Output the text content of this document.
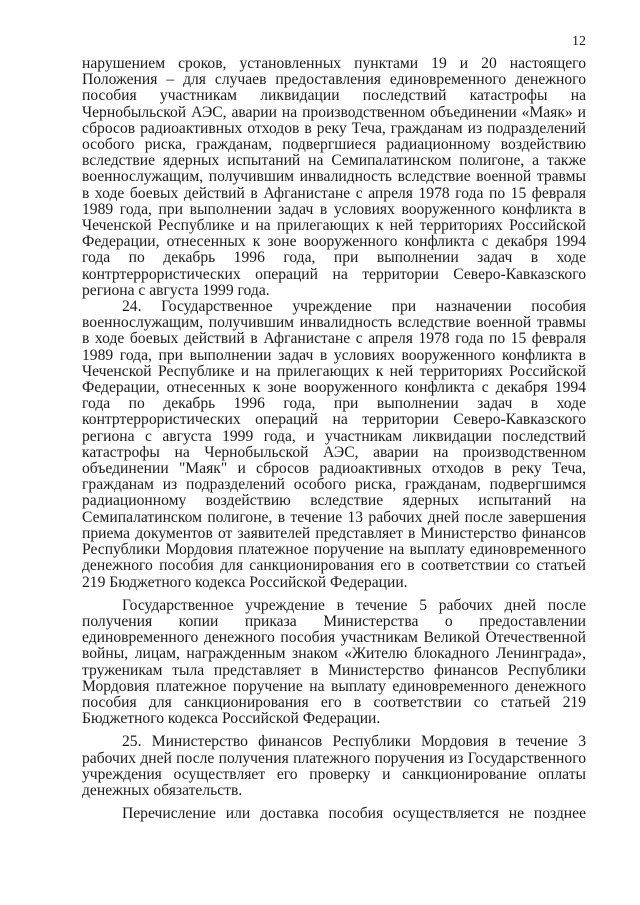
12

нарушением сроков, установленных пунктами 19 и 20 настоящего Положения – для случаев предоставления единовременного денежного пособия участникам ликвидации последствий катастрофы на Чернобыльской АЭС, аварии на производственном объединении «Маяк» и сбросов радиоактивных отходов в реку Теча, гражданам из подразделений особого риска, гражданам, подвергшиеся радиационному воздействию вследствие ядерных испытаний на Семипалатинском полигоне, а также военнослужащим, получившим инвалидность вследствие военной травмы в ходе боевых действий в Афганистане с апреля 1978 года по 15 февраля 1989 года, при выполнении задач в условиях вооруженного конфликта в Чеченской Республике и на прилегающих к ней территориях Российской Федерации, отнесенных к зоне вооруженного конфликта с декабря 1994 года по декабрь 1996 года, при выполнении задач в ходе контртеррористических операций на территории Северо-Кавказского региона с августа 1999 года.

24. Государственное учреждение при назначении пособия военнослужащим, получившим инвалидность вследствие военной травмы в ходе боевых действий в Афганистане с апреля 1978 года по 15 февраля 1989 года, при выполнении задач в условиях вооруженного конфликта в Чеченской Республике и на прилегающих к ней территориях Российской Федерации, отнесенных к зоне вооруженного конфликта с декабря 1994 года по декабрь 1996 года, при выполнении задач в ходе контртеррористических операций на территории Северо-Кавказского региона с августа 1999 года, и участникам ликвидации последствий катастрофы на Чернобыльской АЭС, аварии на производственном объединении "Маяк" и сбросов радиоактивных отходов в реку Теча, гражданам из подразделений особого риска, гражданам, подвергшимся радиационному воздействию вследствие ядерных испытаний на Семипалатинском полигоне, в течение 13 рабочих дней после завершения приема документов от заявителей представляет в Министерство финансов Республики Мордовия платежное поручение на выплату единовременного денежного пособия для санкционирования его в соответствии со статьей 219 Бюджетного кодекса Российской Федерации.

Государственное учреждение в течение 5 рабочих дней после получения копии приказа Министерства о предоставлении единовременного денежного пособия участникам Великой Отечественной войны, лицам, награжденным знаком «Жителю блокадного Ленинграда», труженикам тыла представляет в Министерство финансов Республики Мордовия платежное поручение на выплату единовременного денежного пособия для санкционирования его в соответствии со статьей 219 Бюджетного кодекса Российской Федерации.

25. Министерство финансов Республики Мордовия в течение 3 рабочих дней после получения платежного поручения из Государственного учреждения осуществляет его проверку и санкционирование оплаты денежных обязательств.

Перечисление или доставка пособия осуществляется не позднее
